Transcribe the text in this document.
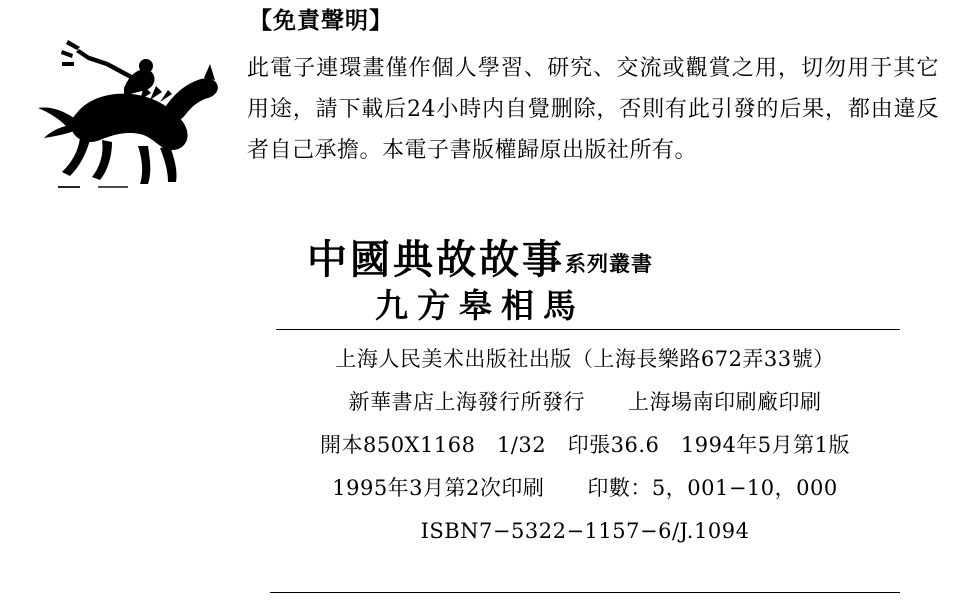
【免責聲明】

此電子連環畫僅作個人學習、研究、交流或觀賞之用，切勿用于其它用途，請下載后24小時内自覺删除，否則有此引發的后果，都由違反者自己承擔。本電子書版權歸原出版社所有。

中國典故故事系列叢書
九方皋相馬
上海人民美术出版社出版（上海長樂路672弄33號）
新華書店上海發行所發行　　上海場南印刷廠印刷
開本850X1168　1/32　印張36.6　1994年5月第1版
1995年3月第2次印刷　　印數：5，001−10，000
ISBN7−5322−1157−6/J.1094
